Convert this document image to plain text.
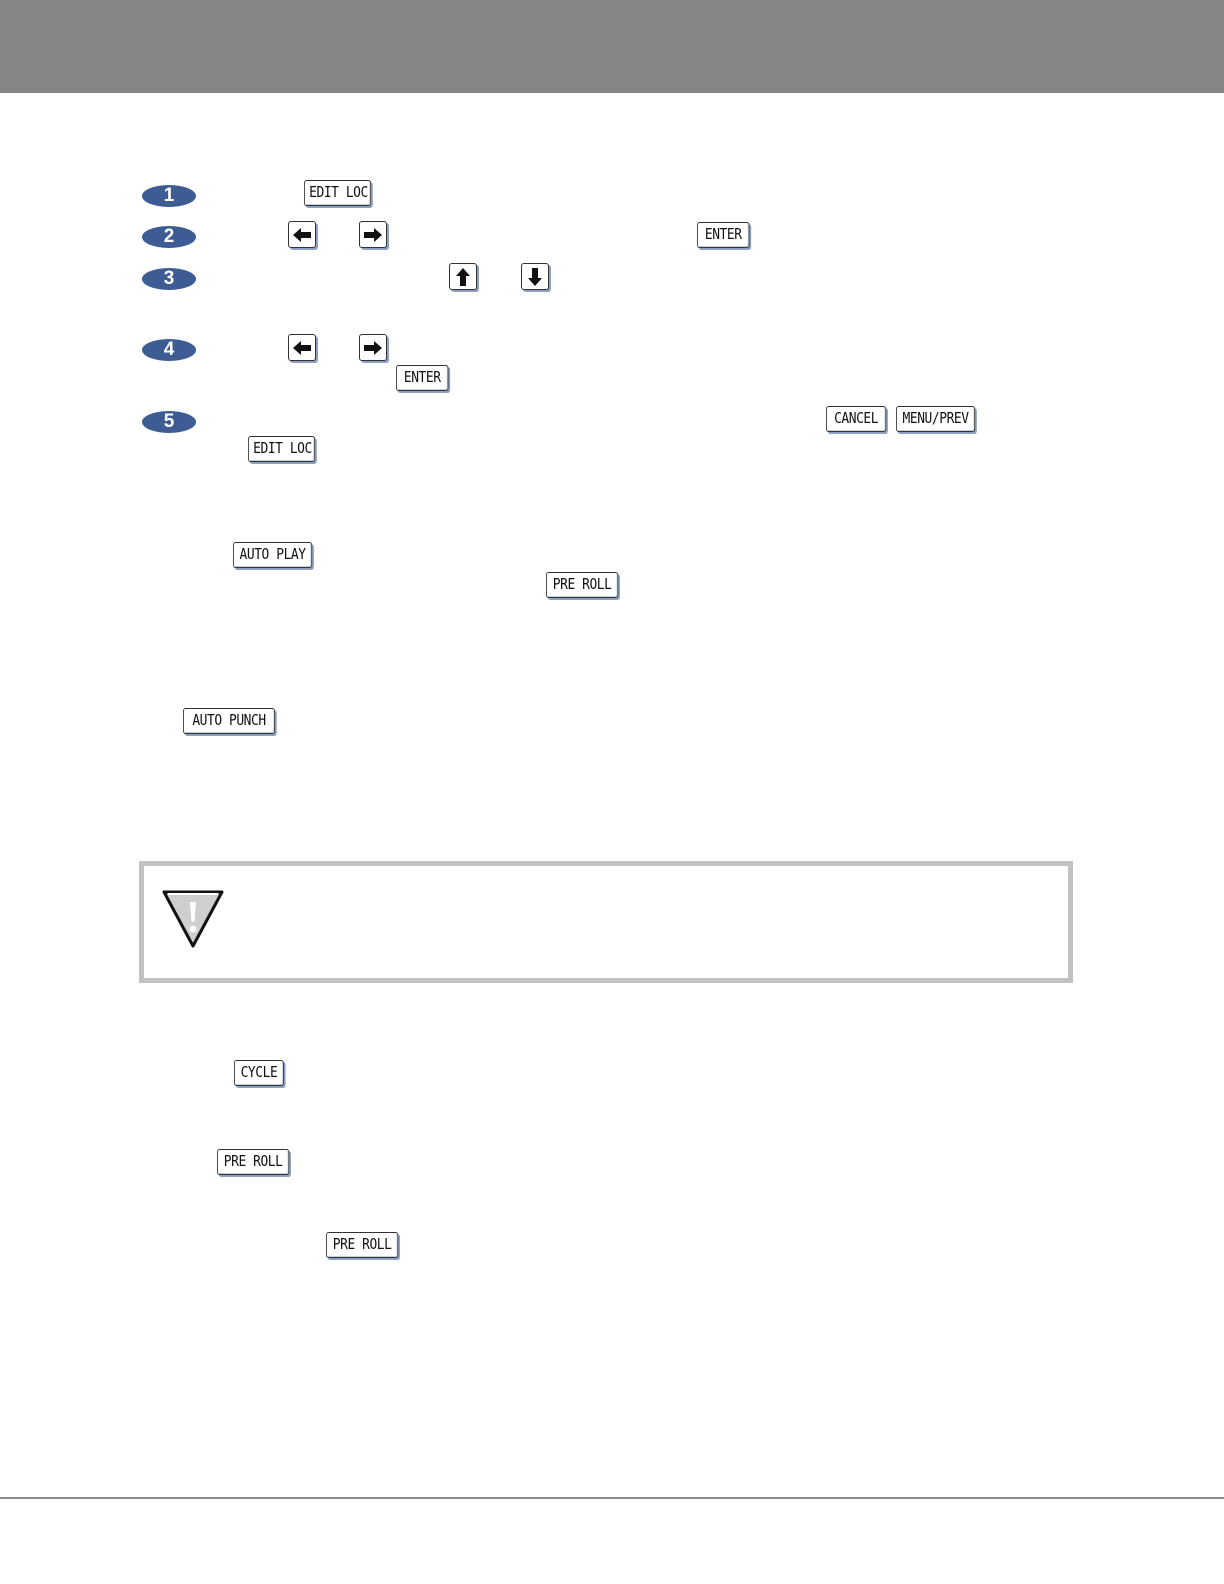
1	EDIT LOC
2	ENTER
3
4
ENTER
5	CANCEL	MENU/PREV
EDIT LOC
AUTO PLAY
PRE ROLL
AUTO PUNCH
CYCLE
PRE ROLL
PRE ROLL
